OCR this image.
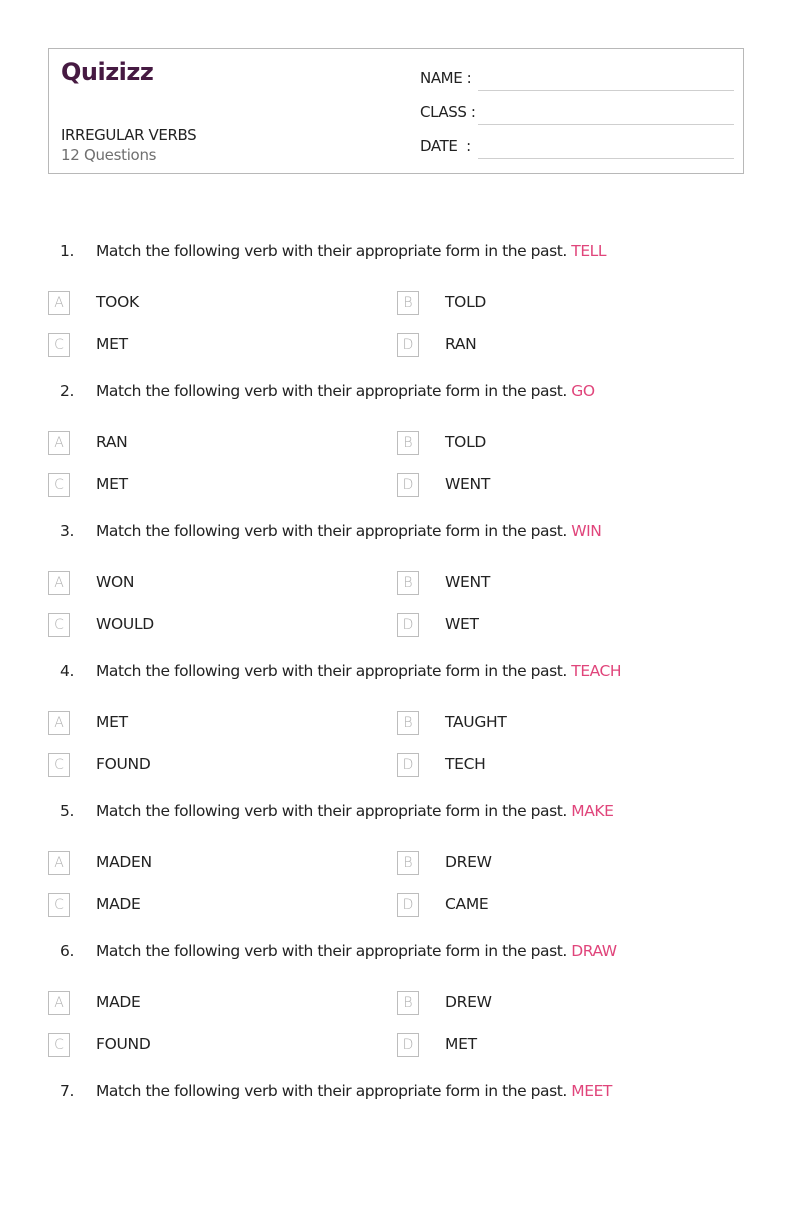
Quizizz
IRREGULAR VERBS
12 Questions
NAME :
CLASS :
DATE  :
1. Match the following verb with their appropriate form in the past. TELL
A	TOOK	B	TOLD
C	MET	D	RAN
2. Match the following verb with their appropriate form in the past. GO
A	RAN	B	TOLD
C	MET	D	WENT
3. Match the following verb with their appropriate form in the past. WIN
A	WON	B	WENT
C	WOULD	D	WET
4. Match the following verb with their appropriate form in the past. TEACH
A	MET	B	TAUGHT
C	FOUND	D	TECH
5. Match the following verb with their appropriate form in the past. MAKE
A	MADEN	B	DREW
C	MADE	D	CAME
6. Match the following verb with their appropriate form in the past. DRAW
A	MADE	B	DREW
C	FOUND	D	MET
7. Match the following verb with their appropriate form in the past. MEET
